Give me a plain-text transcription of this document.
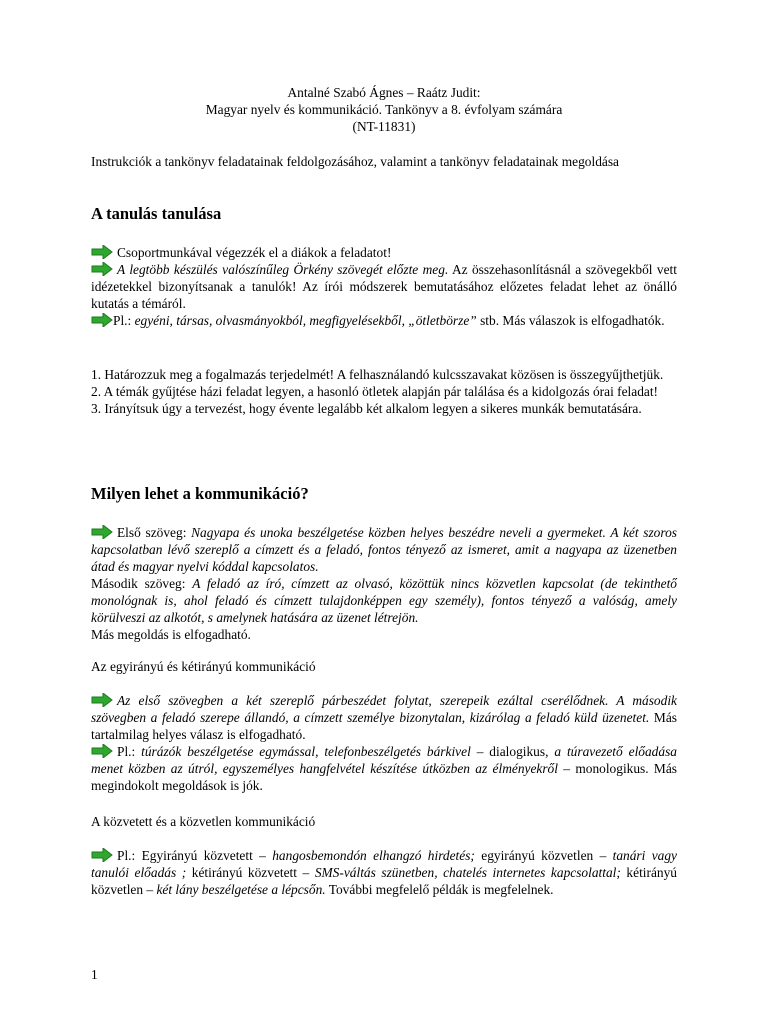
Antalné Szabó Ágnes – Raátz Judit:
Magyar nyelv és kommunikáció. Tankönyv a 8. évfolyam számára
(NT-11831)

Instrukciók a tankönyv feladatainak feldolgozásához, valamint a tankönyv feladatainak megoldása

A tanulás tanulása

Csoportmunkával végezzék el a diákok a feladatot!

A legtöbb készülés valószínűleg Örkény szövegét előzte meg. Az összehasonlításnál a szövegekből vett idézetekkel bizonyítsanak a tanulók! Az írói módszerek bemutatásához előzetes feladat lehet az önálló kutatás a témáról.

Pl.: egyéni, társas, olvasmányokból, megfigyelésekből, „ötletbörze” stb. Más válaszok is elfogadhatók.

1. Határozzuk meg a fogalmazás terjedelmét! A felhasználandó kulcsszavakat közösen is összegyűjthetjük.

2. A témák gyűjtése házi feladat legyen, a hasonló ötletek alapján pár találása és a kidolgozás órai feladat!

3. Irányítsuk úgy a tervezést, hogy évente legalább két alkalom legyen a sikeres munkák bemutatására.

Milyen lehet a kommunikáció?

Első szöveg: Nagyapa és unoka beszélgetése közben helyes beszédre neveli a gyermeket. A két szoros kapcsolatban lévő szereplő a címzett és a feladó, fontos tényező az ismeret, amit a nagyapa az üzenetben átad és magyar nyelvi kóddal kapcsolatos.

Második szöveg: A feladó az író, címzett az olvasó, közöttük nincs közvetlen kapcsolat (de tekinthető monológnak is, ahol feladó és címzett tulajdonképpen egy személy), fontos tényező a valóság, amely körülveszi az alkotót, s amelynek hatására az üzenet létrejön.

Más megoldás is elfogadható.

Az egyirányú és kétirányú kommunikáció

Az első szövegben a két szereplő párbeszédet folytat, szerepeik ezáltal cserélődnek. A második szövegben a feladó szerepe állandó, a címzett személye bizonytalan, kizárólag a feladó küld üzenetet. Más tartalmilag helyes válasz is elfogadható.

Pl.: túrázók beszélgetése egymással, telefonbeszélgetés bárkivel – dialogikus, a túravezető előadása menet közben az útról, egyszemélyes hangfelvétel készítése útközben az élményekről – monologikus. Más megindokolt megoldások is jók.

A közvetett és a közvetlen kommunikáció

Pl.: Egyirányú közvetett – hangosbemondón elhangzó hirdetés; egyirányú közvetlen – tanári vagy tanulói előadás ; kétirányú közvetett – SMS-váltás szünetben, chatelés internetes kapcsolattal; kétirányú közvetlen – két lány beszélgetése a lépcsőn. További megfelelő példák is megfelelnek.

1
